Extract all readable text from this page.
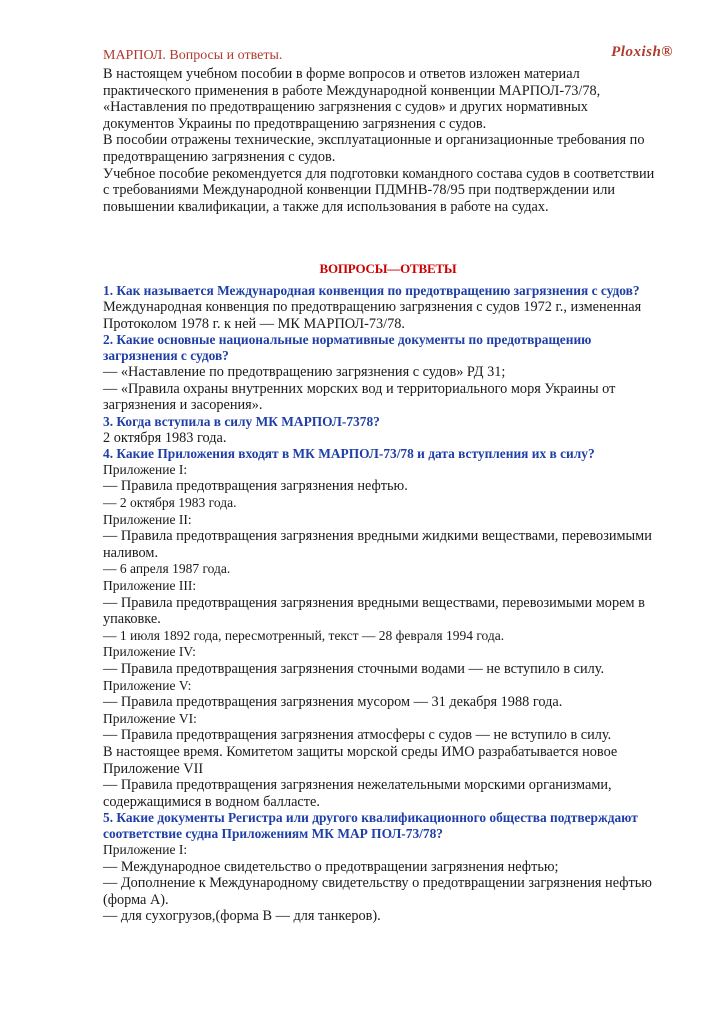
МАРПОЛ. Вопросы и ответы.	Ploxish®
В настоящем учебном пособии в форме вопросов и ответов изложен материал
практического применения в работе Международной конвенции МАРПОЛ-73/78,
«Наставления по предотвращению загрязнения с судов» и других нормативных
документов Украины по предотвращению загрязнения с судов.
В пособии отражены технические, эксплуатационные и организационные требования по
предотвращению загрязнения с судов.
Учебное пособие рекомендуется для подготовки командного состава судов в соответствии
с требованиями Международной конвенции ПДМНВ-78/95 при подтверждении или
повышении квалификации, а также для использования в работе на судах.
ВОПРОСЫ—ОТВЕТЫ
1. Как называется Международная конвенция по предотвращению загрязнения с судов?
Международная конвенция по предотвращению загрязнения с судов 1972 г., измененная
Протоколом 1978 г. к ней — МК МАРПОЛ-73/78.
2. Какие основные национальные нормативные документы по предотвращению
загрязнения с судов?
— «Наставление по предотвращению загрязнения с судов» РД 31;
— «Правила охраны внутренних морских вод и территориального моря Украины от
загрязнения и засорения».
3. Когда вступила в силу МК МАРПОЛ-7378?
2 октября 1983 года.
4. Какие Приложения входят в МК МАРПОЛ-73/78 и дата вступления их в силу?
Приложение I:
— Правила предотвращения загрязнения нефтью.
— 2 октября 1983 года.
Приложение II:
— Правила предотвращения загрязнения вредными жидкими веществами, перевозимыми
наливом.
— 6 апреля 1987 года.
Приложение III:
— Правила предотвращения загрязнения вредными веществами, перевозимыми морем в
упаковке.
— 1 июля 1892 года, пересмотренный, текст — 28 февраля 1994 года.
Приложение IV:
— Правила предотвращения загрязнения сточными водами — не вступило в силу.
Приложение V:
— Правила предотвращения загрязнения мусором — 31 декабря 1988 года.
Приложение VI:
— Правила предотвращения загрязнения атмосферы с судов — не вступило в силу.
В настоящее время. Комитетом защиты морской среды ИМО разрабатывается новое
Приложение VII
— Правила предотвращения загрязнения нежелательными морскими организмами,
содержащимися в водном балласте.
5. Какие документы Регистра или другого квалификационного общества подтверждают
соответствие судна Приложениям МК МАР ПОЛ-73/78?
Приложение I:
— Международное свидетельство о предотвращении загрязнения нефтью;
— Дополнение к Международному свидетельству о предотвращении загрязнения нефтью
(форма А).
— для сухогрузов,(форма В — для танкеров).
